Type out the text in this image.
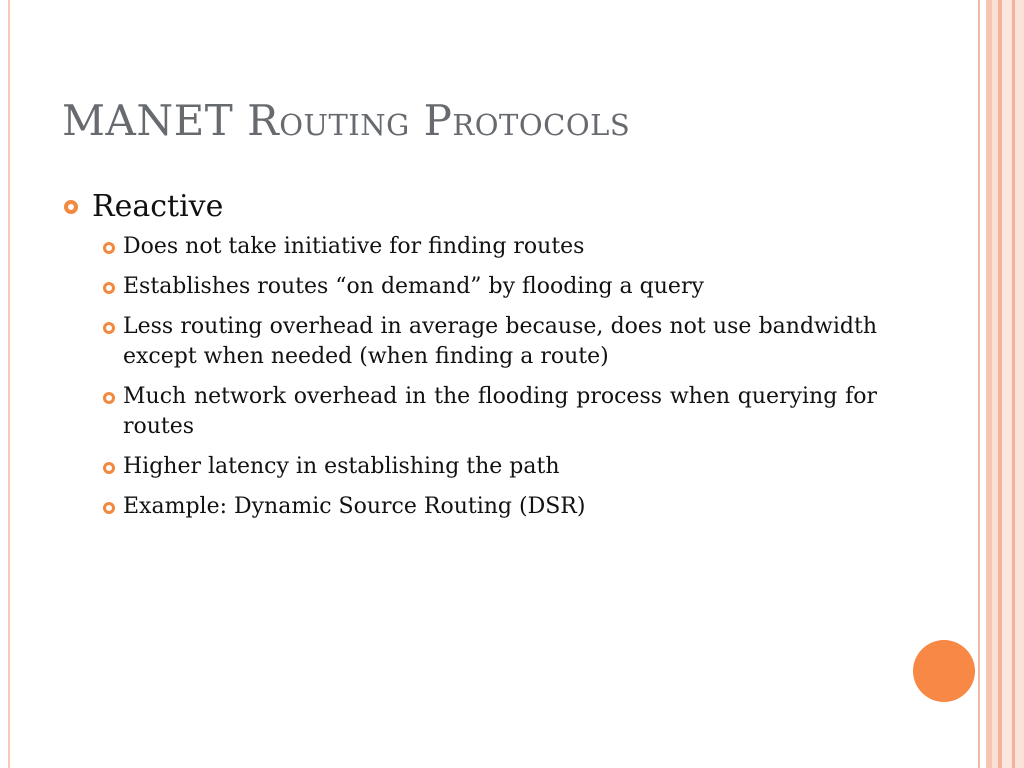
MANET Routing Protocols
Reactive
Does not take initiative for finding routes
Establishes routes “on demand” by flooding a query
Less routing overhead in average because, does not use bandwidth except when needed (when finding a route)
Much network overhead in the flooding process when querying for routes
Higher latency in establishing the path
Example: Dynamic Source Routing (DSR)
